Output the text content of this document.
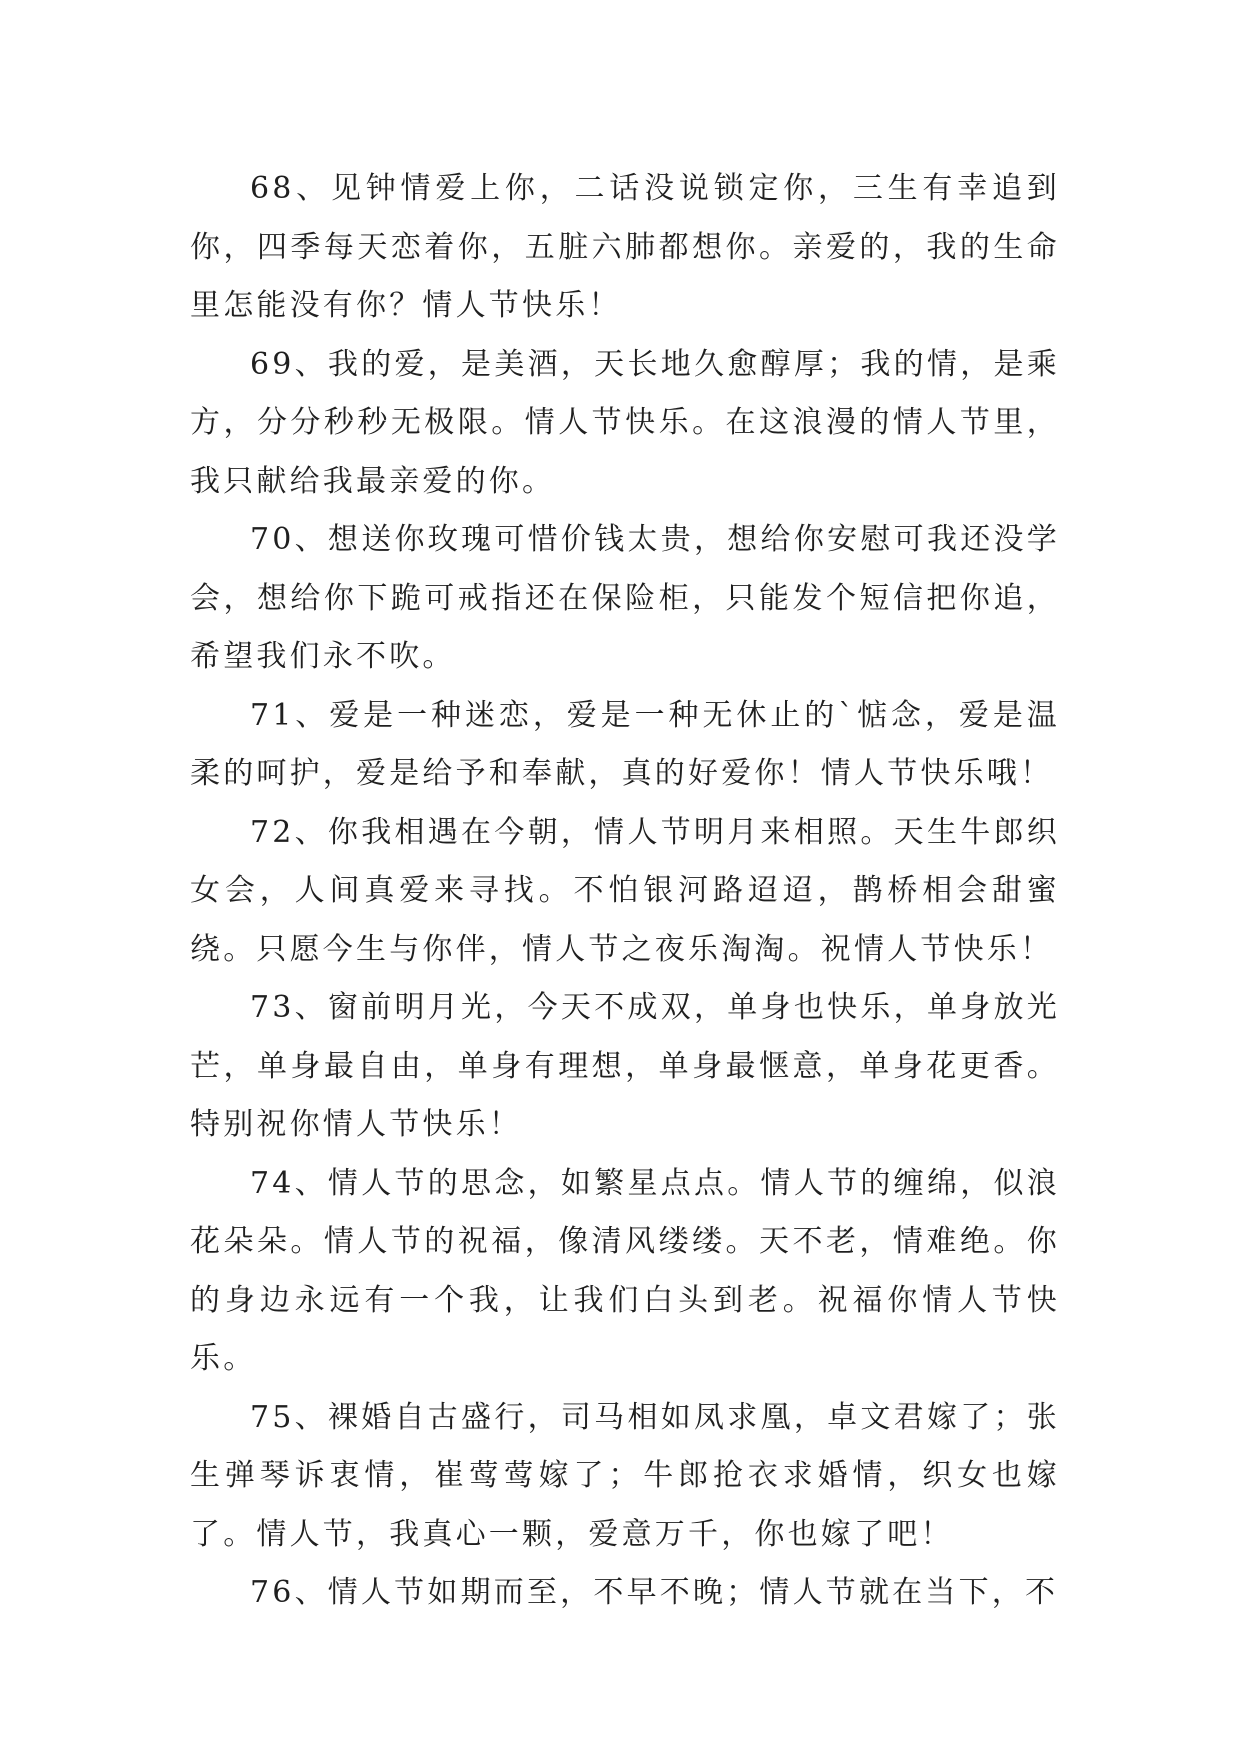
68、见钟情爱上你，二话没说锁定你，三生有幸追到你，四季每天恋着你，五脏六肺都想你。亲爱的，我的生命里怎能没有你？情人节快乐！

69、我的爱，是美酒，天长地久愈醇厚；我的情，是乘方，分分秒秒无极限。情人节快乐。在这浪漫的情人节里，我只献给我最亲爱的你。

70、想送你玫瑰可惜价钱太贵，想给你安慰可我还没学会，想给你下跪可戒指还在保险柜，只能发个短信把你追，希望我们永不吹。

71、爱是一种迷恋，爱是一种无休止的`惦念，爱是温柔的呵护，爱是给予和奉献，真的好爱你！情人节快乐哦！

72、你我相遇在今朝，情人节明月来相照。天生牛郎织女会，人间真爱来寻找。不怕银河路迢迢，鹊桥相会甜蜜绕。只愿今生与你伴，情人节之夜乐淘淘。祝情人节快乐！

73、窗前明月光，今天不成双，单身也快乐，单身放光芒，单身最自由，单身有理想，单身最惬意，单身花更香。特别祝你情人节快乐！

74、情人节的思念，如繁星点点。情人节的缠绵，似浪花朵朵。情人节的祝福，像清风缕缕。天不老，情难绝。你的身边永远有一个我，让我们白头到老。祝福你情人节快乐。

75、裸婚自古盛行，司马相如凤求凰，卓文君嫁了；张生弹琴诉衷情，崔莺莺嫁了；牛郎抢衣求婚情，织女也嫁了。情人节，我真心一颗，爱意万千，你也嫁了吧！

76、情人节如期而至，不早不晚；情人节就在当下，不
